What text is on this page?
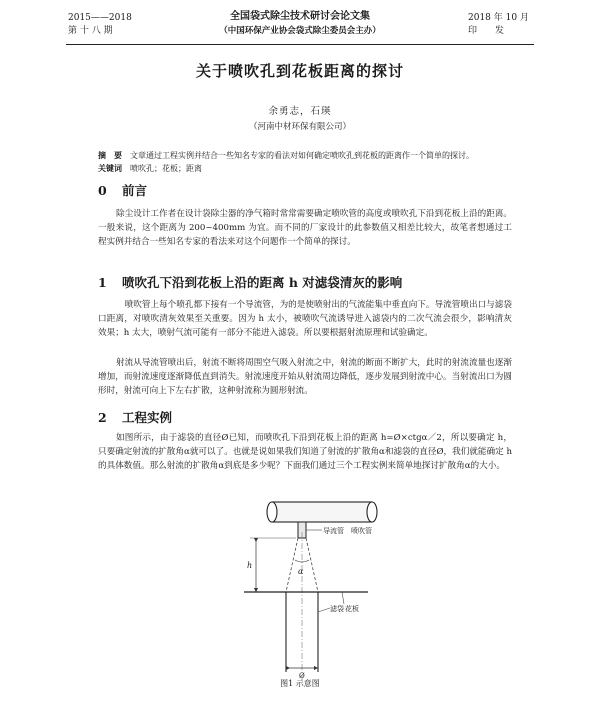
2015——2018
第 十 八 期
全国袋式除尘技术研讨会论文集
（中国环保产业协会袋式除尘委员会主办）
2018 年 10 月
印　　发
关于喷吹孔到花板距离的探讨
余勇志，石瑛
（河南中材环保有限公司）
摘　要 文章通过工程实例并结合一些知名专家的看法对如何确定喷吹孔到花板的距离作一个简单的探讨。
关键词 喷吹孔；花板；距离
0 前言
除尘设计工作者在设计袋除尘器的净气箱时常常需要确定喷吹管的高度或喷吹孔下沿到花板上沿的距离。一般来说，这个距离为 200~400mm 为宜。而不同的厂家设计的此参数值又相差比较大，故笔者想通过工程实例并结合一些知名专家的看法来对这个问题作一个简单的探讨。
1 喷吹孔下沿到花板上沿的距离 h 对滤袋清灰的影响
　喷吹管上每个喷孔都下接有一个导流管，为的是使喷射出的气流能集中垂直向下。导流管喷出口与滤袋口距离，对喷吹清灰效果至关重要。因为 h 太小，被喷吹气流诱导进入滤袋内的二次气流会很少，影响清灰效果；h 太大，喷射气流可能有一部分不能进入滤袋。所以要根据射流原理和试验确定。
射流从导流管喷出后，射流不断将周围空气吸入射流之中，射流的断面不断扩大，此时的射流流量也逐渐增加，而射流速度逐渐降低直到消失。射流速度开始从射流周边降低，逐步发展到射流中心。当射流出口为圆形时，射流可向上下左右扩散，这种射流称为圆形射流。
2 工程实例
如图所示，由于滤袋的直径Ø已知，而喷吹孔下沿到花板上沿的距离 h=Ø×ctgα／2，所以要确定 h，只要确定射流的扩散角α就可以了。也就是说如果我们知道了射流的扩散角α和滤袋的直径Ø，我们就能确定 h 的具体数值。那么射流的扩散角α到底是多少呢？下面我们通过三个工程实例来简单地探讨扩散角α的大小。
导流管 喷吹管
滤袋 花板
h
α
Ø
图1 示意图
